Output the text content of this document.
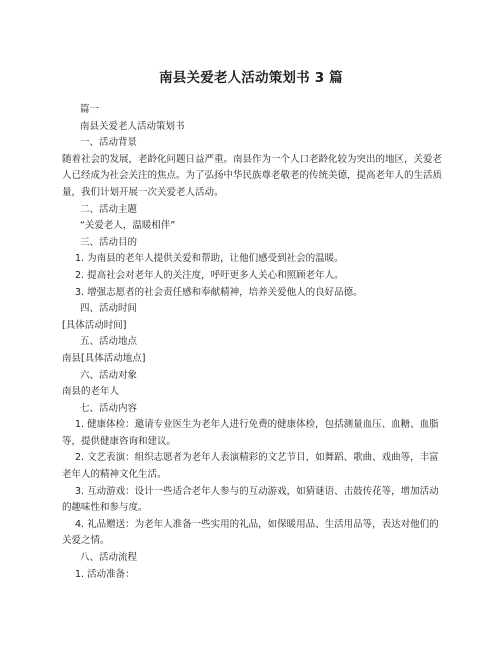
南县关爱老人活动策划书 3 篇
篇一
南县关爱老人活动策划书
一、活动背景
随着社会的发展，老龄化问题日益严重。南县作为一个人口老龄化较为突出的地区，关爱老人已经成为社会关注的焦点。为了弘扬中华民族尊老敬老的传统美德，提高老年人的生活质量，我们计划开展一次关爱老人活动。
二、活动主题
“关爱老人，温暖相伴”
三、活动目的
1. 为南县的老年人提供关爱和帮助，让他们感受到社会的温暖。
2. 提高社会对老年人的关注度，呼吁更多人关心和照顾老年人。
3. 增强志愿者的社会责任感和奉献精神，培养关爱他人的良好品德。
四、活动时间
[具体活动时间]
五、活动地点
南县[具体活动地点]
六、活动对象
南县的老年人
七、活动内容
1. 健康体检：邀请专业医生为老年人进行免费的健康体检，包括测量血压、血糖、血脂等，提供健康咨询和建议。
2. 文艺表演：组织志愿者为老年人表演精彩的文艺节目，如舞蹈、歌曲、戏曲等，丰富老年人的精神文化生活。
3. 互动游戏：设计一些适合老年人参与的互动游戏，如猜谜语、击鼓传花等，增加活动的趣味性和参与度。
4. 礼品赠送：为老年人准备一些实用的礼品，如保暖用品、生活用品等，表达对他们的关爱之情。
八、活动流程
1. 活动准备：
